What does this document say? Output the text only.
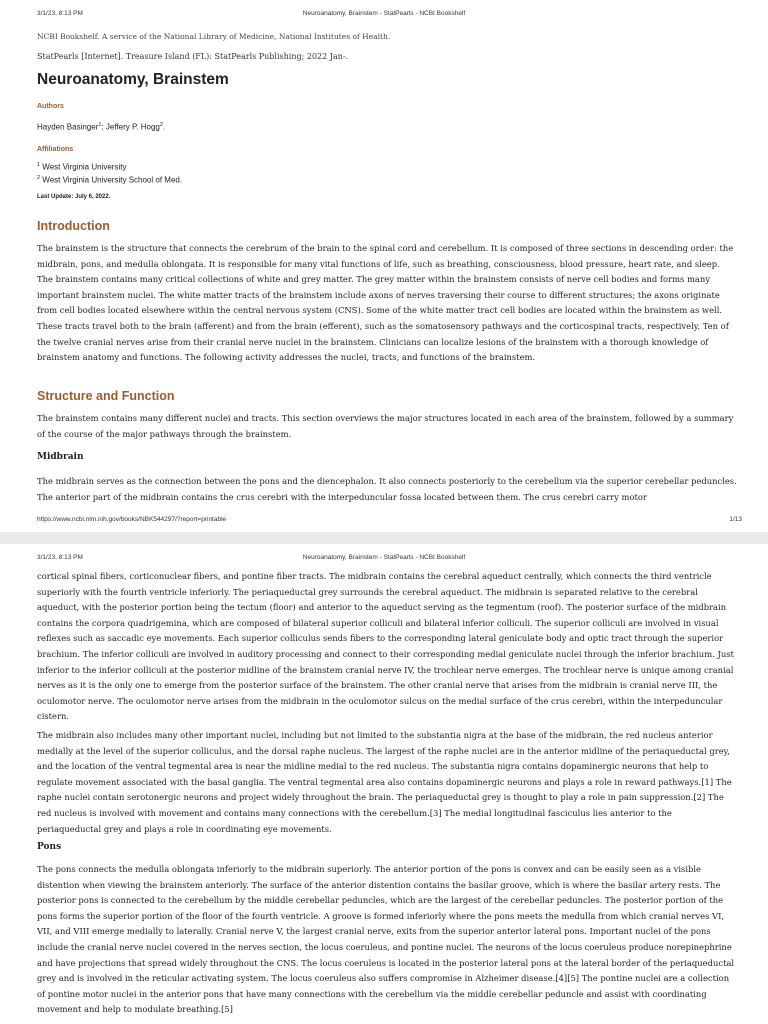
3/1/23, 8:13 PM	Neuroanatomy, Brainstem - StatPearls - NCBI Bookshelf
NCBI Bookshelf. A service of the National Library of Medicine, National Institutes of Health.
StatPearls [Internet]. Treasure Island (FL): StatPearls Publishing; 2022 Jan-.
Neuroanatomy, Brainstem
Authors
Hayden Basinger$^1$; Jeffery P. Hogg$^2$.
Affiliations
$^1$ West Virginia University
$^2$ West Virginia University School of Med.
Last Update: July 6, 2022.
Introduction

The brainstem is the structure that connects the cerebrum of the brain to the spinal cord and cerebellum. It is composed of three sections in descending order: the midbrain, pons, and medulla oblongata. It is responsible for many vital functions of life, such as breathing, consciousness, blood pressure, heart rate, and sleep. The brainstem contains many critical collections of white and grey matter. The grey matter within the brainstem consists of nerve cell bodies and forms many important brainstem nuclei. The white matter tracts of the brainstem include axons of nerves traversing their course to different structures; the axons originate from cell bodies located elsewhere within the central nervous system (CNS). Some of the white matter tract cell bodies are located within the brainstem as well. These tracts travel both to the brain (afferent) and from the brain (efferent), such as the somatosensory pathways and the corticospinal tracts, respectively. Ten of the twelve cranial nerves arise from their cranial nerve nuclei in the brainstem. Clinicians can localize lesions of the brainstem with a thorough knowledge of brainstem anatomy and functions. The following activity addresses the nuclei, tracts, and functions of the brainstem.

Structure and Function

The brainstem contains many different nuclei and tracts. This section overviews the major structures located in each area of the brainstem, followed by a summary of the course of the major pathways through the brainstem.

Midbrain

The midbrain serves as the connection between the pons and the diencephalon. It also connects posteriorly to the cerebellum via the superior cerebellar peduncles. The anterior part of the midbrain contains the crus cerebri with the interpeduncular fossa located between them. The crus cerebri carry motor

https://www.ncbi.nlm.nih.gov/books/NBK544297/?report=printable	1/13
3/1/23, 8:13 PM	Neuroanatomy, Brainstem - StatPearls - NCBI Bookshelf

cortical spinal fibers, corticonuclear fibers, and pontine fiber tracts. The midbrain contains the cerebral aqueduct centrally, which connects the third ventricle superiorly with the fourth ventricle inferiorly. The periaqueductal grey surrounds the cerebral aqueduct. The midbrain is separated relative to the cerebral aqueduct, with the posterior portion being the tectum (floor) and anterior to the aqueduct serving as the tegmentum (roof). The posterior surface of the midbrain contains the corpora quadrigemina, which are composed of bilateral superior colliculi and bilateral inferior colliculi. The superior colliculi are involved in visual reflexes such as saccadic eye movements. Each superior colliculus sends fibers to the corresponding lateral geniculate body and optic tract through the superior brachium. The inferior colliculi are involved in auditory processing and connect to their corresponding medial geniculate nuclei through the inferior brachium. Just inferior to the inferior colliculi at the posterior midline of the brainstem cranial nerve IV, the trochlear nerve emerges. The trochlear nerve is unique among cranial nerves as it is the only one to emerge from the posterior surface of the brainstem. The other cranial nerve that arises from the midbrain is cranial nerve III, the oculomotor nerve. The oculomotor nerve arises from the midbrain in the oculomotor sulcus on the medial surface of the crus cerebri, within the interpeduncular cistern.

The midbrain also includes many other important nuclei, including but not limited to the substantia nigra at the base of the midbrain, the red nucleus anterior medially at the level of the superior colliculus, and the dorsal raphe nucleus. The largest of the raphe nuclei are in the anterior midline of the periaqueductal grey, and the location of the ventral tegmental area is near the midline medial to the red nucleus. The substantia nigra contains dopaminergic neurons that help to regulate movement associated with the basal ganglia. The ventral tegmental area also contains dopaminergic neurons and plays a role in reward pathways.[1] The raphe nuclei contain serotonergic neurons and project widely throughout the brain. The periaqueductal grey is thought to play a role in pain suppression.[2] The red nucleus is involved with movement and contains many connections with the cerebellum.[3] The medial longitudinal fasciculus lies anterior to the periaqueductal grey and plays a role in coordinating eye movements.

Pons

The pons connects the medulla oblongata inferiorly to the midbrain superiorly. The anterior portion of the pons is convex and can be easily seen as a visible distention when viewing the brainstem anteriorly. The surface of the anterior distention contains the basilar groove, which is where the basilar artery rests. The posterior pons is connected to the cerebellum by the middle cerebellar peduncles, which are the largest of the cerebellar peduncles. The posterior portion of the pons forms the superior portion of the floor of the fourth ventricle. A groove is formed inferiorly where the pons meets the medulla from which cranial nerves VI, VII, and VIII emerge medially to laterally. Cranial nerve V, the largest cranial nerve, exits from the superior anterior lateral pons. Important nuclei of the pons include the cranial nerve nuclei covered in the nerves section, the locus coeruleus, and pontine nuclei. The neurons of the locus coeruleus produce norepinephrine and have projections that spread widely throughout the CNS. The locus coeruleus is located in the posterior lateral pons at the lateral border of the periaqueductal grey and is involved in the reticular activating system. The locus coeruleus also suffers compromise in Alzheimer disease.[4][5] The pontine nuclei are a collection of pontine motor nuclei in the anterior pons that have many connections with the cerebellum via the middle cerebellar peduncle and assist with coordinating movement and help to modulate breathing.[5]
